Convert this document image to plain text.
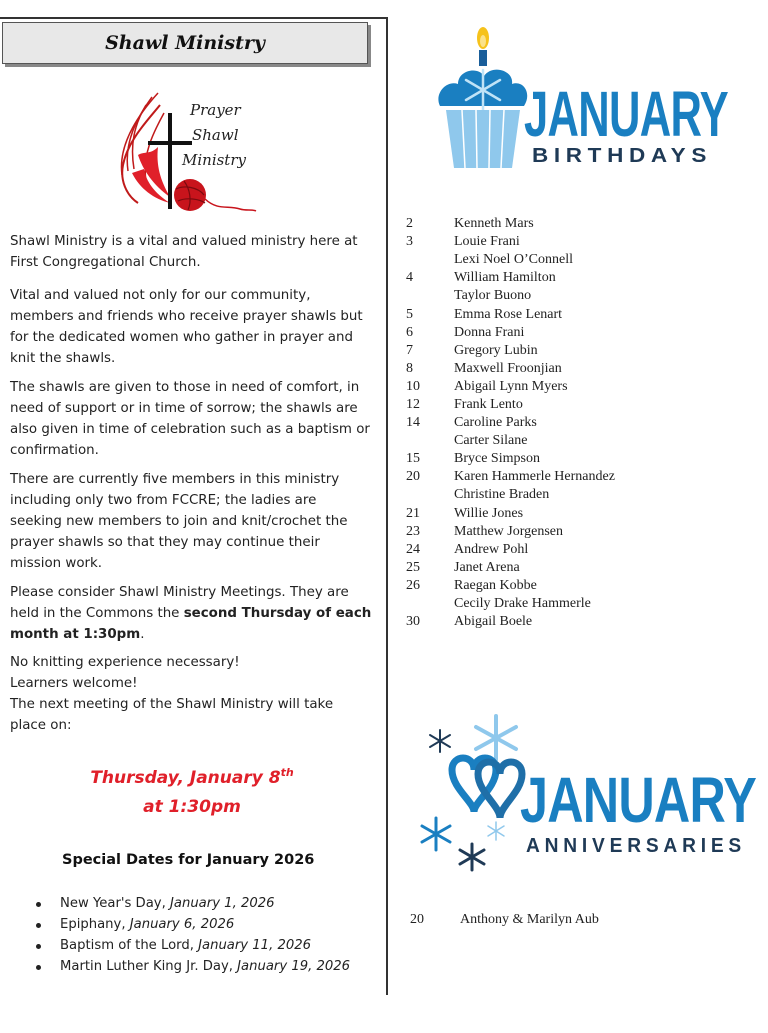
Shawl Ministry
Prayer
Shawl
Ministry

Shawl Ministry is a vital and valued ministry here at First Congregational Church.

Vital and valued not only for our community, members and friends who receive prayer shawls but for the dedicated women who gather in prayer and knit the shawls.

The shawls are given to those in need of comfort, in need of support or in time of sorrow; the shawls are also given in time of celebration such as a baptism or confirmation.

There are currently five members in this ministry including only two from FCCRE; the ladies are seeking new members to join and knit/crochet the prayer shawls so that they may continue their mission work.

Please consider Shawl Ministry Meetings. They are held in the Commons the second Thursday of each month at 1:30pm.

No knitting experience necessary!
Learners welcome!
The next meeting of the Shawl Ministry will take place on:
Thursday, January 8th
at 1:30pm
Special Dates for January 2026
New Year's Day, January 1, 2026
Epiphany, January 6, 2026
Baptism of the Lord, January 11, 2026
Martin Luther King Jr. Day, January 19, 2026
JANUARY
BIRTHDAYS
2	Kenneth Mars
3	Louie Frani
Lexi Noel O’Connell
4	William Hamilton
Taylor Buono
5	Emma Rose Lenart
6	Donna Frani
7	Gregory Lubin
8	Maxwell Froonjian
10	Abigail Lynn Myers
12	Frank Lento
14	Caroline Parks
Carter Silane
15	Bryce Simpson
20	Karen Hammerle Hernandez
Christine Braden
21	Willie Jones
23	Matthew Jorgensen
24	Andrew Pohl
25	Janet Arena
26	Raegan Kobbe
Cecily Drake Hammerle
30	Abigail Boele
JANUARY
ANNIVERSARIES
20	Anthony & Marilyn Aub
